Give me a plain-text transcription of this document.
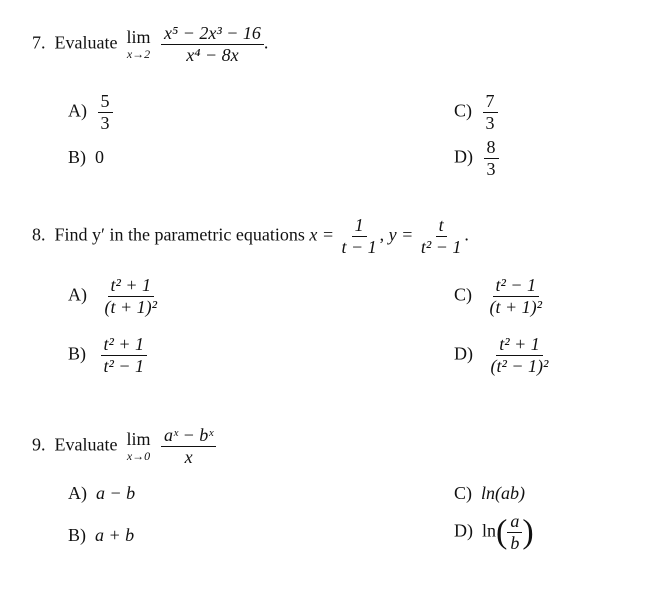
7. Evaluate lim
x→2
$\frac{\text{x⁵ − 2x³ − 16}}{\text{x⁴ − 8x}}$ .
$A) \frac{5}{3}$
B) 0
$C) \frac{7}{3}$
$D) \frac{8}{3}$
8. Find y′ in the parametric equations $x = \frac{1}{t - 1}$ , $y = \frac{t}{\text{t² − 1}}$ .
$A) \frac{\text{t² + 1}}{\text{(t + 1)²}}$
$B) \frac{\text{t² + 1}}{\text{t² − 1}}$
$C) \frac{\text{t² − 1}}{\text{(t + 1)²}}$
$D) \frac{\text{t² + 1}}{\text{(t² − 1)²}}$
9. Evaluate lim
x→0
$\frac{\text{aˣ − bˣ}}{x}$
A) a − b
B) a + b
C) ln(ab)
D) $\ln( \frac{a}{b}$ )
